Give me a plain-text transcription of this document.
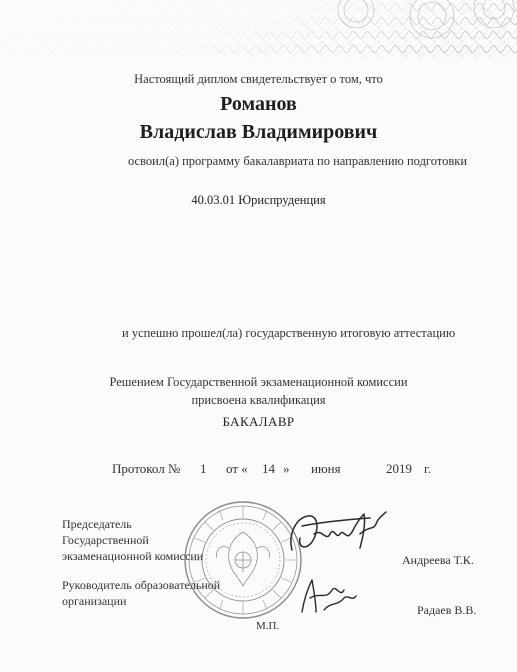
Настоящий диплом свидетельствует о том, что
Романов
Владислав Владимирович
освоил(а) программу бакалавриата по направлению подготовки
40.03.01 Юриспруденция
и успешно прошел(ла) государственную итоговую аттестацию
Решением Государственной экзаменационной комиссии
присвоена квалификация
БАКАЛАВР
Протокол № 1 от « 14 » июня	2019 г.
Председатель
Государственной
экзаменационной комиссии	Андреева Т.К.
Руководитель образовательной
организации
Радаев В.В.
М.П.
